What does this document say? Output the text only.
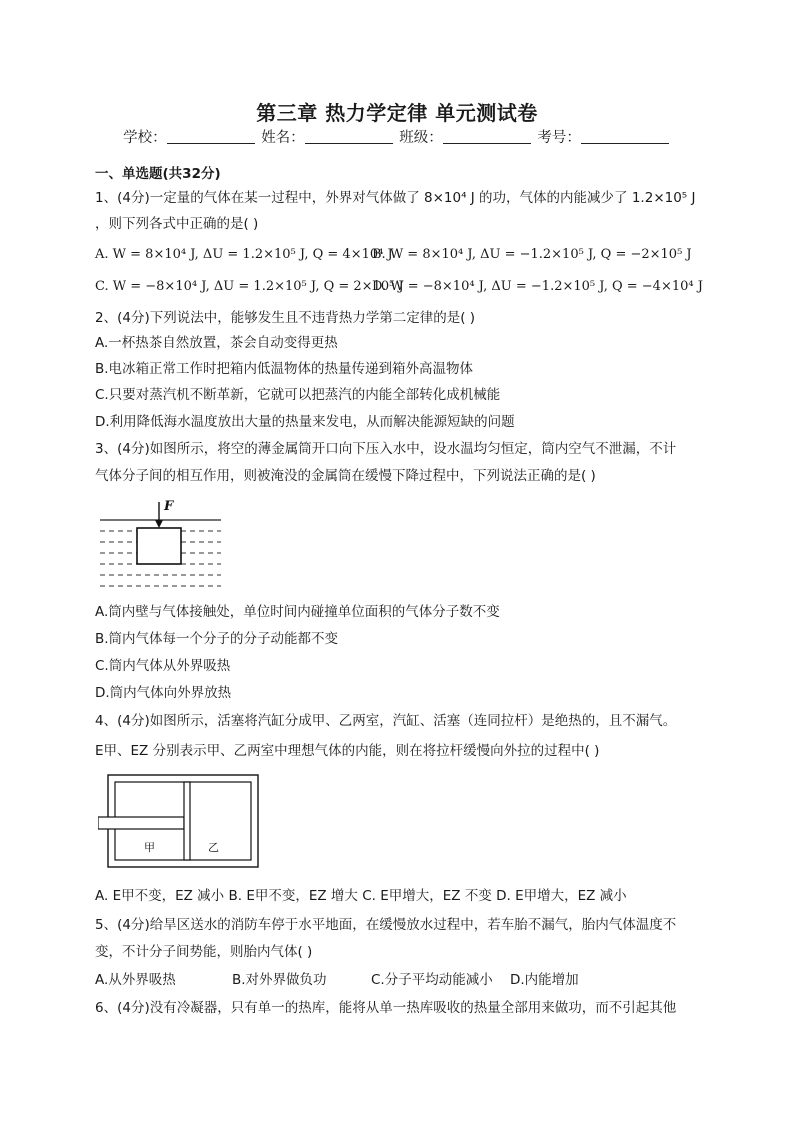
第三章 热力学定律 单元测试卷
学校：	姓名：	班级：	考号：
一、单选题(共32分)
1、(4分)一定量的气体在某一过程中，外界对气体做了 8×10⁴ J 的功，气体的内能减少了 1.2×10⁵ J
，则下列各式中正确的是( )
A. W = 8×10⁴ J, ΔU = 1.2×10⁵ J, Q = 4×10⁴ J
B. W = 8×10⁴ J, ΔU = −1.2×10⁵ J, Q = −2×10⁵ J
C. W = −8×10⁴ J, ΔU = 1.2×10⁵ J, Q = 2×10⁵ J
D. W = −8×10⁴ J, ΔU = −1.2×10⁵ J, Q = −4×10⁴ J
2、(4分)下列说法中，能够发生且不违背热力学第二定律的是( )
A.一杯热茶自然放置，茶会自动变得更热
B.电冰箱正常工作时把箱内低温物体的热量传递到箱外高温物体
C.只要对蒸汽机不断革新，它就可以把蒸汽的内能全部转化成机械能
D.利用降低海水温度放出大量的热量来发电，从而解决能源短缺的问题
3、(4分)如图所示，将空的薄金属筒开口向下压入水中，设水温均匀恒定，筒内空气不泄漏，不计
气体分子间的相互作用，则被淹没的金属筒在缓慢下降过程中，下列说法正确的是( )
F
A.筒内壁与气体接触处，单位时间内碰撞单位面积的气体分子数不变
B.筒内气体每一个分子的分子动能都不变
C.筒内气体从外界吸热
D.筒内气体向外界放热
4、(4分)如图所示，活塞将汽缸分成甲、乙两室，汽缸、活塞（连同拉杆）是绝热的，且不漏气。
E甲、EZ 分别表示甲、乙两室中理想气体的内能，则在将拉杆缓慢向外拉的过程中( )
甲	乙
A. E甲不变，EZ 减小 B. E甲不变，EZ 增大 C. E甲增大，EZ 不变 D. E甲增大，EZ 减小
5、(4分)给旱区送水的消防车停于水平地面，在缓慢放水过程中，若车胎不漏气，胎内气体温度不
变，不计分子间势能，则胎内气体( )
A.从外界吸热	B.对外界做负功	C.分子平均动能减小 D.内能增加
6、(4分)没有冷凝器，只有单一的热库，能将从单一热库吸收的热量全部用来做功，而不引起其他
